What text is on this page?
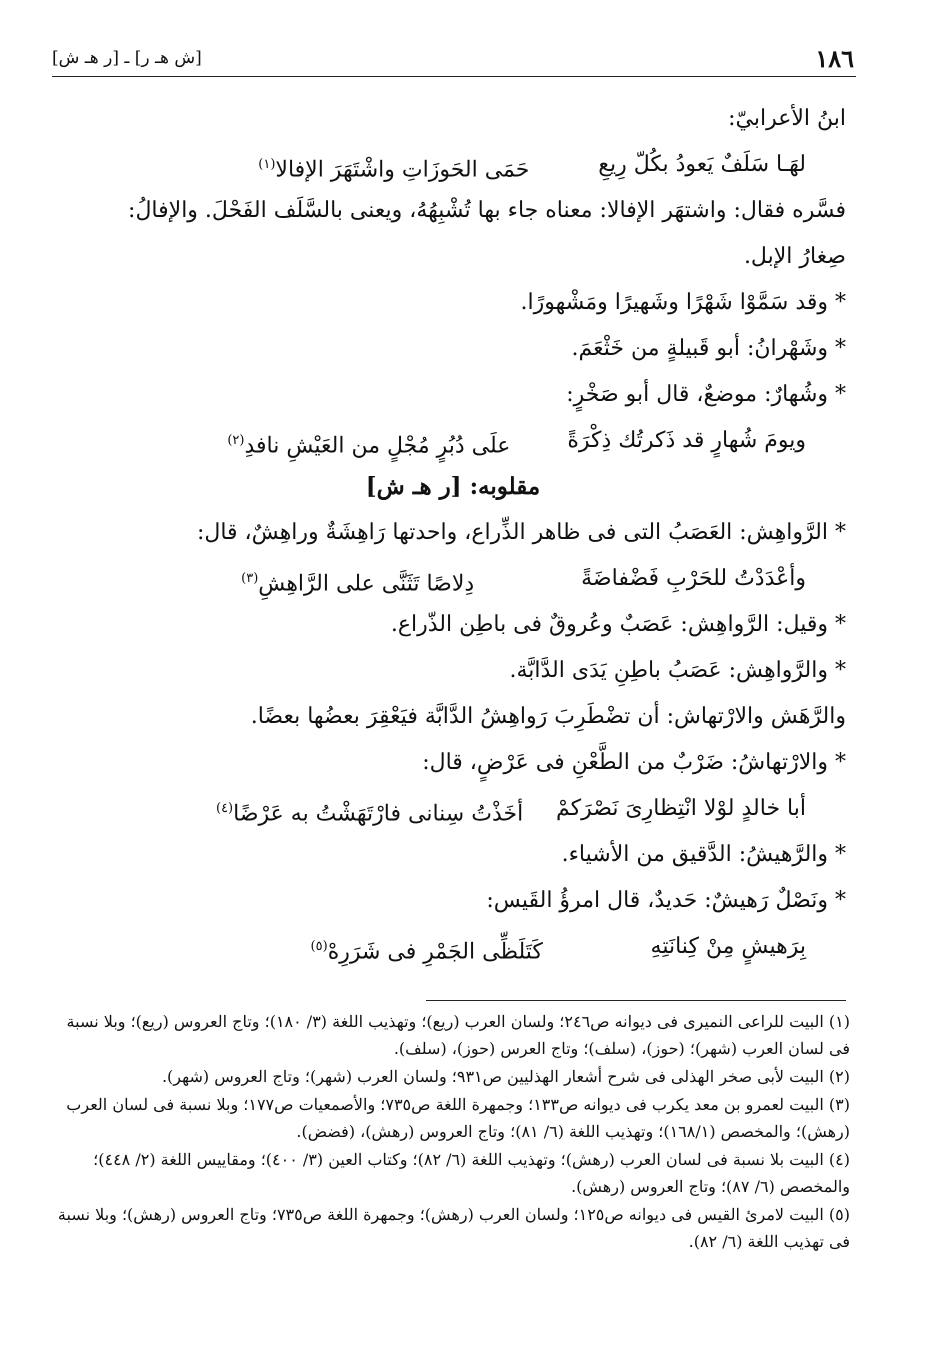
١٨٦
[ش هـ ر] ـ [ر هـ ش]
ابنُ الأعرابيّ:
لهَـا سَلَفٌ يَعودُ بكُلّ رِيعِ
حَمَى الحَوزَاتِ واشْتَهَرَ الإفالا$^{(١)}$
فسَّره فقال: واشتهَر الإفالا: معناه جاء بها تُشْبِهُهُ، ويعنى بالسَّلَف الفَحْلَ. والإفالُ:
صِغارُ الإبل.
* وقد سَمَّوْا شَهْرًا وشَهيرًا ومَشْهورًا.
* وشَهْرانُ: أبو قَبيلةٍ من خَثْعَمَ.
* وشُهارٌ: موضعٌ، قال أبو صَخْرٍ:
ويومَ شُهارٍ قد ذَكرتُك ذِكْرَةً
علَى دُبُرٍ مُجْلٍ من العَيْشِ نافدِ$^{(٢)}$
مقلوبه: [ر هـ ش]
* الرَّواهِش: العَصَبُ التى فى ظاهر الذِّراع، واحدتها رَاهِشَةٌ وراهِشٌ، قال:
وأعْدَدْتُ للحَرْبِ فَضْفاضَةً
دِلاصًا تَثَنَّى على الرَّاهِشِ$^{(٣)}$
* وقيل: الرَّواهِش: عَصَبٌ وعُروقٌ فى باطِن الذّراع.
* والرَّواهِش: عَصَبُ باطِنِ يَدَى الدَّابَّة.
والرَّهَش والارْتهاش: أن تضْطَرِبَ رَواهِشُ الدَّابَّة فيَعْقِرَ بعضُها بعضًا.
* والارْتهاشُ: ضَرْبٌ من الطَّعْنِ فى عَرْضٍ، قال:
أبا خالدٍ لوْلا انْتِظارِىَ نَصْرَكمْ
أخَذْتُ سِنانى فارْتَهَشْتُ به عَرْضًا$^{(٤)}$
* والرَّهيشُ: الدَّقيق من الأشياء.
* ونَصْلٌ رَهيشٌ: حَديدٌ، قال امرؤُ القَيس:
بِرَهيشٍ مِنْ كِنانَتِهِ
كَتَلَظِّى الجَمْرِ فى شَرَرِهْ$^{(٥)}$
(١) البيت للراعى النميرى فى ديوانه ص٢٤٦؛ ولسان العرب (ريع)؛ وتهذيب اللغة (٣/ ١٨٠)؛ وتاج العروس (ريع)؛ وبلا نسبة فى لسان العرب (شهر)؛ (حوز)، (سلف)؛ وتاج العرس (حوز)، (سلف).
(٢) البيت لأبى صخر الهذلى فى شرح أشعار الهذليين ص٩٣١؛ ولسان العرب (شهر)؛ وتاج العروس (شهر).
(٣) البيت لعمرو بن معد يكرب فى ديوانه ص١٣٣؛ وجمهرة اللغة ص٧٣٥؛ والأصمعيات ص١٧٧؛ وبلا نسبة فى لسان العرب (رهش)؛ والمخصص (١٦٨/١)؛ وتهذيب اللغة (٦/ ٨١)؛ وتاج العروس (رهش)، (فضض).
(٤) البيت بلا نسبة فى لسان العرب (رهش)؛ وتهذيب اللغة (٦/ ٨٢)؛ وكتاب العين (٣/ ٤٠٠)؛ ومقاييس اللغة (٢/ ٤٤٨)؛ والمخصص (٦/ ٨٧)؛ وتاج العروس (رهش).
(٥) البيت لامرئ القيس فى ديوانه ص١٢٥؛ ولسان العرب (رهش)؛ وجمهرة اللغة ص٧٣٥؛ وتاج العروس (رهش)؛ وبلا نسبة فى تهذيب اللغة (٦/ ٨٢).
